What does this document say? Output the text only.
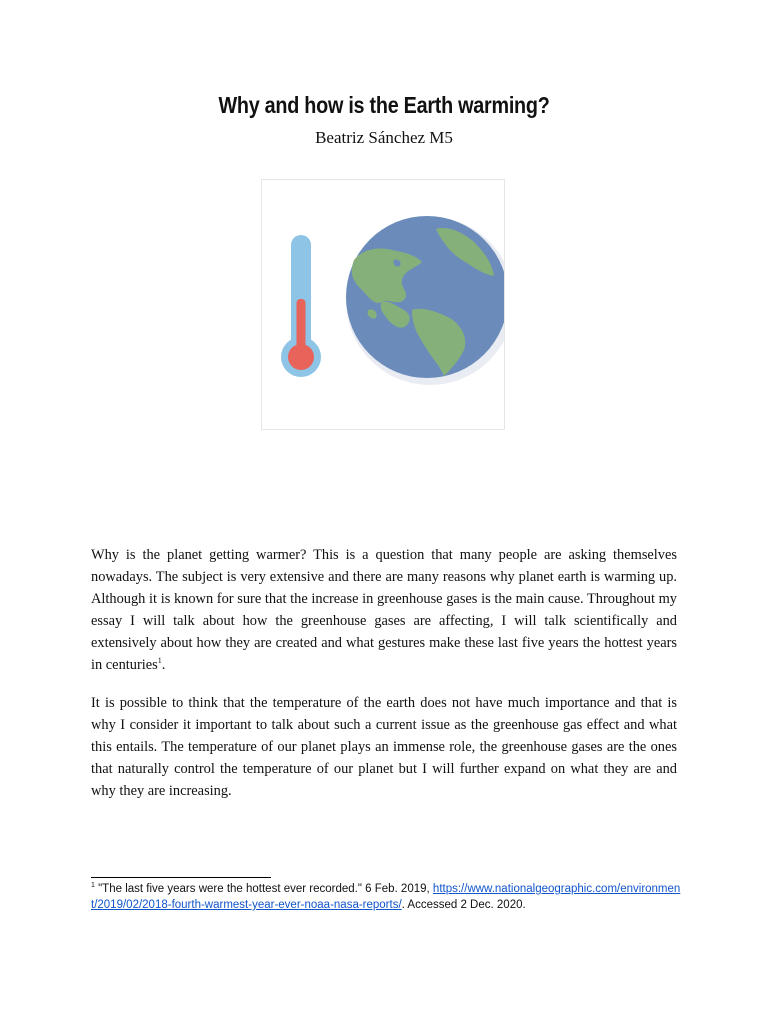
Why and how is the Earth warming?

Beatriz Sánchez M5

Why is the planet getting warmer? This is a question that many people are asking themselves nowadays. The subject is very extensive and there are many reasons why planet earth is warming up. Although it is known for sure that the increase in greenhouse gases is the main cause. Throughout my essay I will talk about how the greenhouse gases are affecting, I will talk scientifically and extensively about how they are created and what gestures make these last five years the hottest years in centuries$^1$.

It is possible to think that the temperature of the earth does not have much importance and that is why I consider it important to talk about such a current issue as the greenhouse gas effect and what this entails. The temperature of our planet plays an immense role, the greenhouse gases are the ones that naturally control the temperature of our planet but I will further expand on what they are and why they are increasing.

$^1$ "The last five years were the hottest ever recorded." 6 Feb. 2019, https://www.nationalgeographic.com/environment/2019/02/2018-fourth-warmest-year-ever-noaa-nasa-reports/. Accessed 2 Dec. 2020.
